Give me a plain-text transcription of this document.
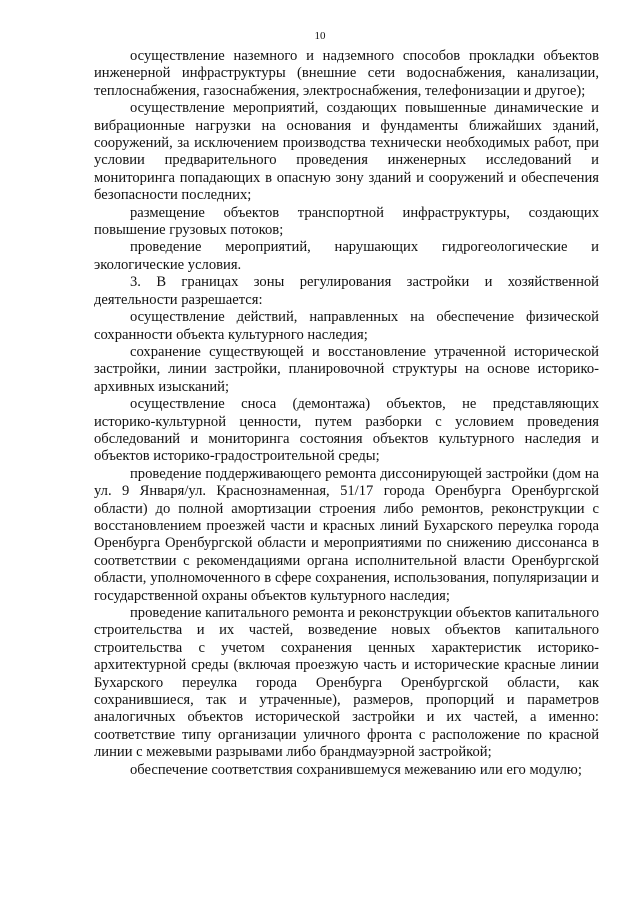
10

осуществление наземного и надземного способов прокладки объектов инженерной инфраструктуры (внешние сети водоснабжения, канализации, теплоснабжения, газоснабжения, электроснабжения, телефонизации и другое);

осуществление мероприятий, создающих повышенные динамические и вибрационные нагрузки на основания и фундаменты ближайших зданий, сооружений, за исключением производства технически необходимых работ, при условии предварительного проведения инженерных исследований и мониторинга попадающих в опасную зону зданий и сооружений и обеспечения безопасности последних;

размещение объектов транспортной инфраструктуры, создающих повышение грузовых потоков;

проведение мероприятий, нарушающих гидрогеологические и экологические условия.

3. В границах зоны регулирования застройки и хозяйственной деятельности разрешается:

осуществление действий, направленных на обеспечение физической сохранности объекта культурного наследия;

сохранение существующей и восстановление утраченной исторической застройки, линии застройки, планировочной структуры на основе историко-архивных изысканий;

осуществление сноса (демонтажа) объектов, не представляющих историко-культурной ценности, путем разборки с условием проведения обследований и мониторинга состояния объектов культурного наследия и объектов историко-градостроительной среды;

проведение поддерживающего ремонта диссонирующей застройки (дом на ул. 9 Января/ул. Краснознаменная, 51/17 города Оренбурга Оренбургской области) до полной амортизации строения либо ремонтов, реконструкции с восстановлением проезжей части и красных линий Бухарского переулка города Оренбурга Оренбургской области и мероприятиями по снижению диссонанса в соответствии с рекомендациями органа исполнительной власти Оренбургской области, уполномоченного в сфере сохранения, использования, популяризации и государственной охраны объектов культурного наследия;

проведение капитального ремонта и реконструкции объектов капитального строительства и их частей, возведение новых объектов капитального строительства с учетом сохранения ценных характеристик историко-архитектурной среды (включая проезжую часть и исторические красные линии Бухарского переулка города Оренбурга Оренбургской области, как сохранившиеся, так и утраченные), размеров, пропорций и параметров аналогичных объектов исторической застройки и их частей, а именно: соответствие типу организации уличного фронта с расположение по красной линии с межевыми разрывами либо брандмауэрной застройкой;

обеспечение соответствия сохранившемуся межеванию или его модулю;
